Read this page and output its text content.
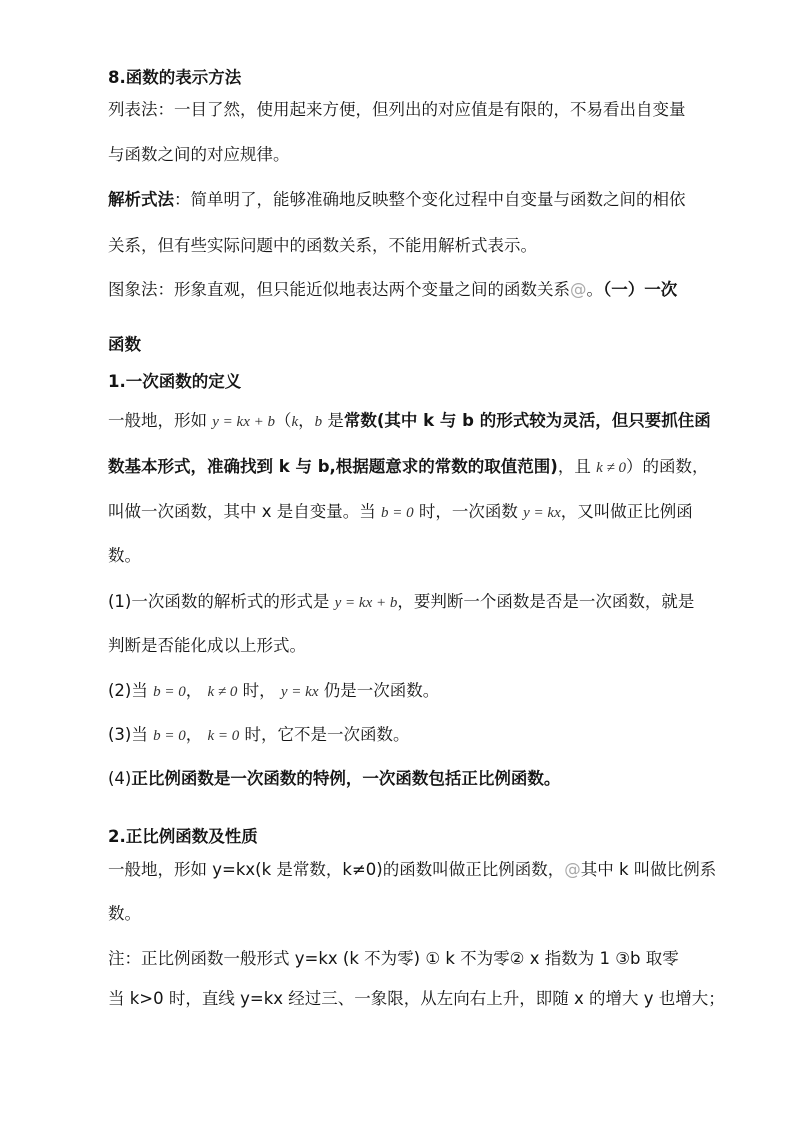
8.函数的表示方法
列表法：一目了然，使用起来方便，但列出的对应值是有限的，不易看出自变量
与函数之间的对应规律。
解析式法：简单明了，能够准确地反映整个变化过程中自变量与函数之间的相依
关系，但有些实际问题中的函数关系，不能用解析式表示。
图象法：形象直观，但只能近似地表达两个变量之间的函数关系@。（一）一次
函数
1.一次函数的定义
一般地，形如 y = kx + b（k，b 是常数(其中 k 与 b 的形式较为灵活，但只要抓住函
数基本形式，准确找到 k 与 b,根据题意求的常数的取值范围)，且 k ≠ 0）的函数，
叫做一次函数，其中 x 是自变量。当 b = 0 时，一次函数 y = kx，又叫做正比例函
数。
(1)一次函数的解析式的形式是 y = kx + b，要判断一个函数是否是一次函数，就是
判断是否能化成以上形式。
(2)当 b = 0， k ≠ 0 时， y = kx 仍是一次函数。
(3)当 b = 0， k = 0 时，它不是一次函数。
(4)正比例函数是一次函数的特例，一次函数包括正比例函数。
2.正比例函数及性质
一般地，形如 y=kx(k 是常数，k≠0)的函数叫做正比例函数，@其中 k 叫做比例系
数。
注：正比例函数一般形式 y=kx (k 不为零) ① k 不为零② x 指数为 1 ③b 取零
当 k>0 时，直线 y=kx 经过三、一象限，从左向右上升，即随 x 的增大 y 也增大；
